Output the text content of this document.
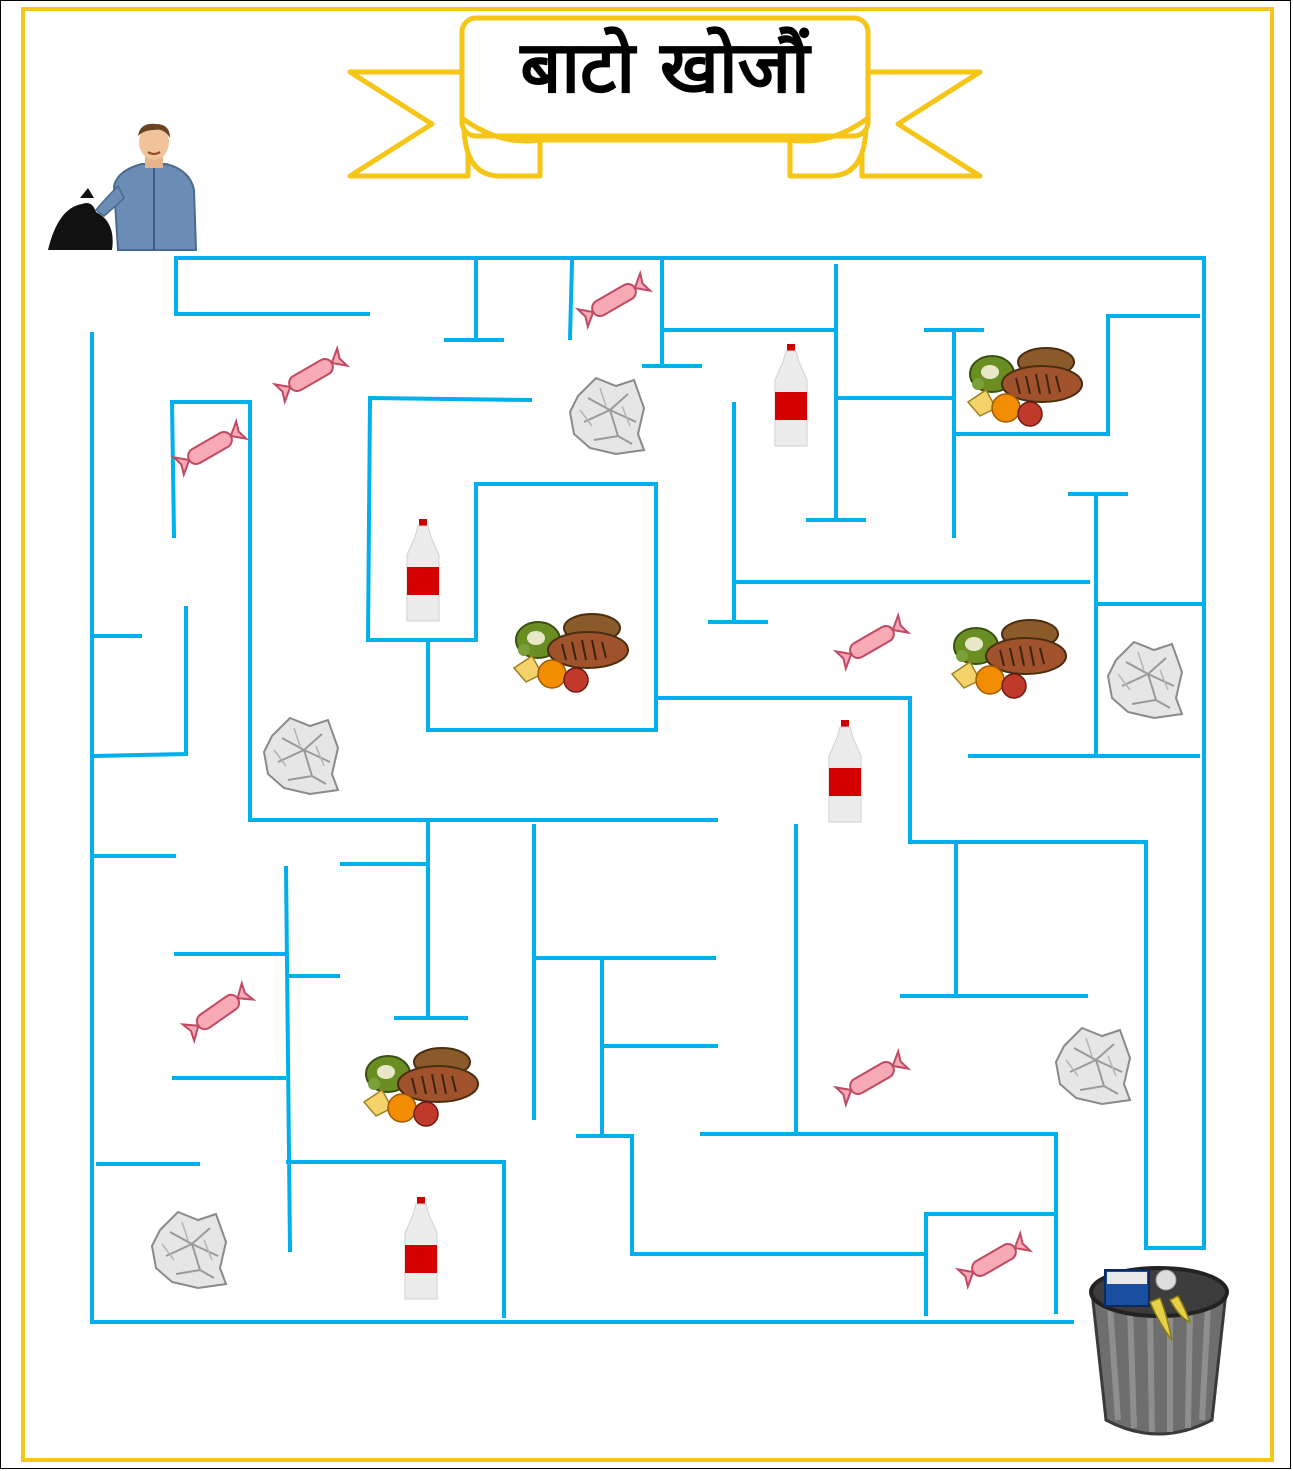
बाटो खोजौं
